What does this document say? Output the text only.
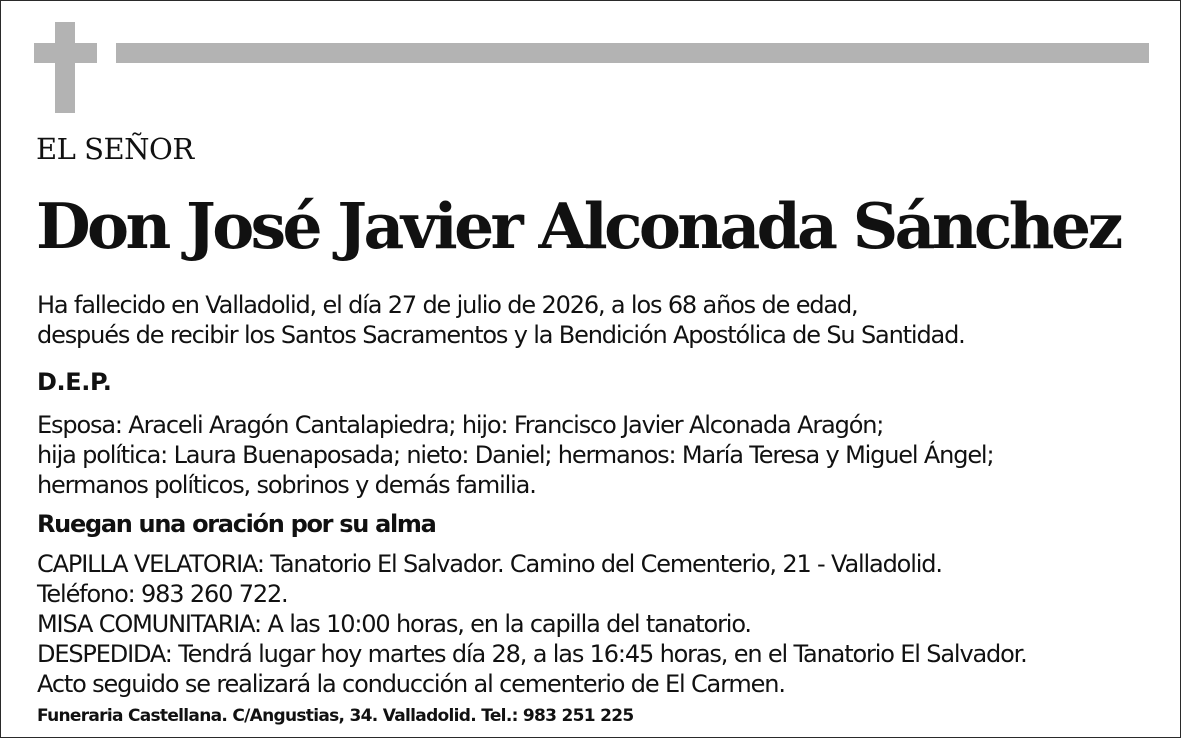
EL SEÑOR
Don José Javier Alconada Sánchez
Ha fallecido en Valladolid, el día 27 de julio de 2026, a los 68 años de edad,
después de recibir los Santos Sacramentos y la Bendición Apostólica de Su Santidad.
D.E.P.
Esposa: Araceli Aragón Cantalapiedra; hijo: Francisco Javier Alconada Aragón;
hija política: Laura Buenaposada; nieto: Daniel; hermanos: María Teresa y Miguel Ángel;
hermanos políticos, sobrinos y demás familia.
Ruegan una oración por su alma
CAPILLA VELATORIA: Tanatorio El Salvador. Camino del Cementerio, 21 - Valladolid.
Teléfono: 983 260 722.
MISA COMUNITARIA: A las 10:00 horas, en la capilla del tanatorio.
DESPEDIDA: Tendrá lugar hoy martes día 28, a las 16:45 horas, en el Tanatorio El Salvador.
Acto seguido se realizará la conducción al cementerio de El Carmen.
Funeraria Castellana. C/Angustias, 34. Valladolid. Tel.: 983 251 225
